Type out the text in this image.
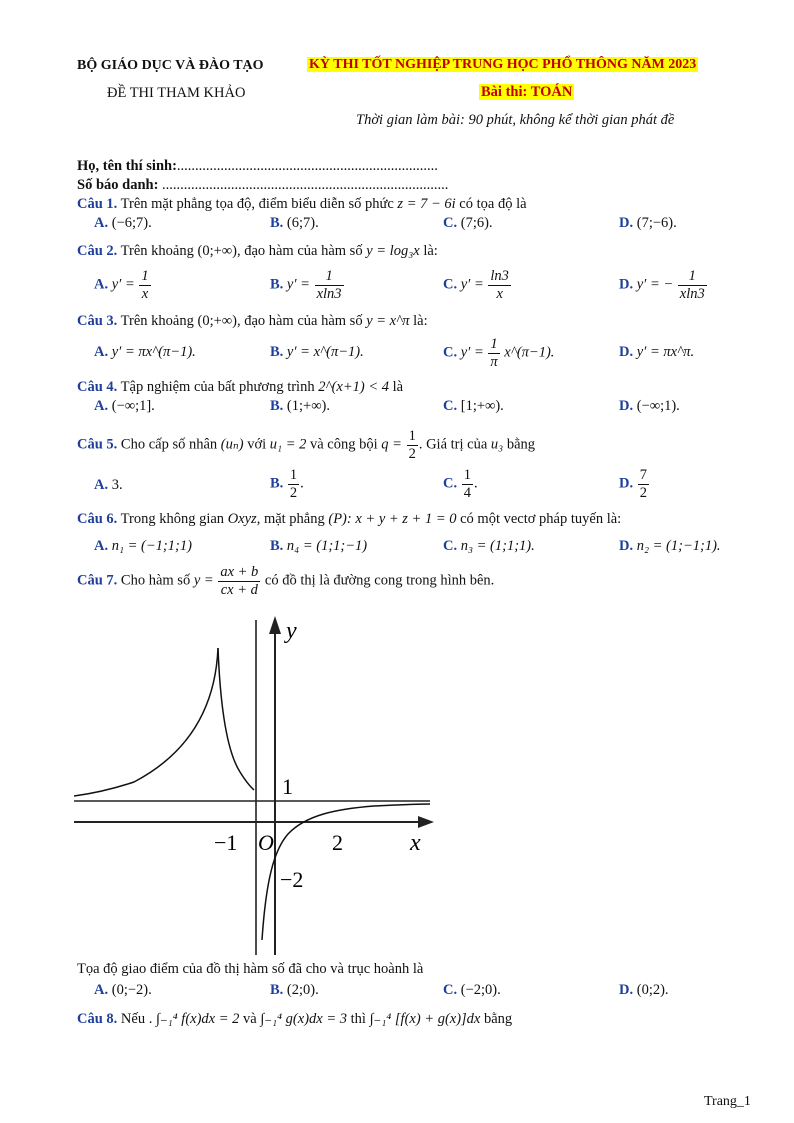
BỘ GIÁO DỤC VÀ ĐÀO TẠO	KỲ THI TỐT NGHIỆP TRUNG HỌC PHỔ THÔNG NĂM 2023
ĐỀ THI THAM KHẢO	Bài thi: TOÁN
Thời gian làm bài: 90 phút, không kể thời gian phát đề
Họ, tên thí sinh:........................................................................
Số báo danh: ...............................................................................
Câu 1. Trên mặt phẳng tọa độ, điểm biểu diễn số phức z = 7 − 6i có tọa độ là
A. (−6;7).	B. (6;7).	C. (7;6).	D. (7;−6).
Câu 2. Trên khoảng (0;+∞), đạo hàm của hàm số y = log₃x là:
A. $y' = \frac{1}{x}$	B. $y' = \frac{1}{xln3}$	C. $y' = \frac{\ln 3}{x}$	D. y′ = − $\frac{1}{xln3}$
Câu 3. Trên khoảng (0;+∞), đạo hàm của hàm số y = x^π là:
A. y′ = πx^(π−1).	B. y′ = x^(π−1).	C. $y' = \frac{1}{\pi}$ x^(π−1).	D. y′ = πx^π.
Câu 4. Tập nghiệm của bất phương trình 2^(x+1) < 4 là
A. (−∞;1].	B. (1;+∞).	C. [1;+∞).	D. (−∞;1).
Câu 5. Cho cấp số nhân (uₙ) với u₁ = 2 và công bội $q = \frac{1}{2}$ . Giá trị của u₃ bằng
A. 3.	B. $\frac{1}{2}$ .	C. $\frac{1}{4}$ .	D. $\frac{7}{2}$
Câu 6. Trong không gian Oxyz, mặt phẳng (P): x + y + z + 1 = 0 có một vectơ pháp tuyến là:
A. n₁ = (−1;1;1)	B. n₄ = (1;1;−1)	C. n₃ = (1;1;1).	D. n₂ = (1;−1;1).
Câu 7. Cho hàm số $y = \frac{ax + b}{cx + d}$ có đồ thị là đường cong trong hình bên.
y
x
O
−1	2
1
−2
Tọa độ giao điểm của đồ thị hàm số đã cho và trục hoành là
A. (0;−2).	B. (2;0).	C. (−2;0).	D. (0;2).
Câu 8. Nếu . ∫₋₁⁴ f(x)dx = 2 và ∫₋₁⁴ g(x)dx = 3 thì ∫₋₁⁴ [f(x) + g(x)]dx bằng
Trang_1
